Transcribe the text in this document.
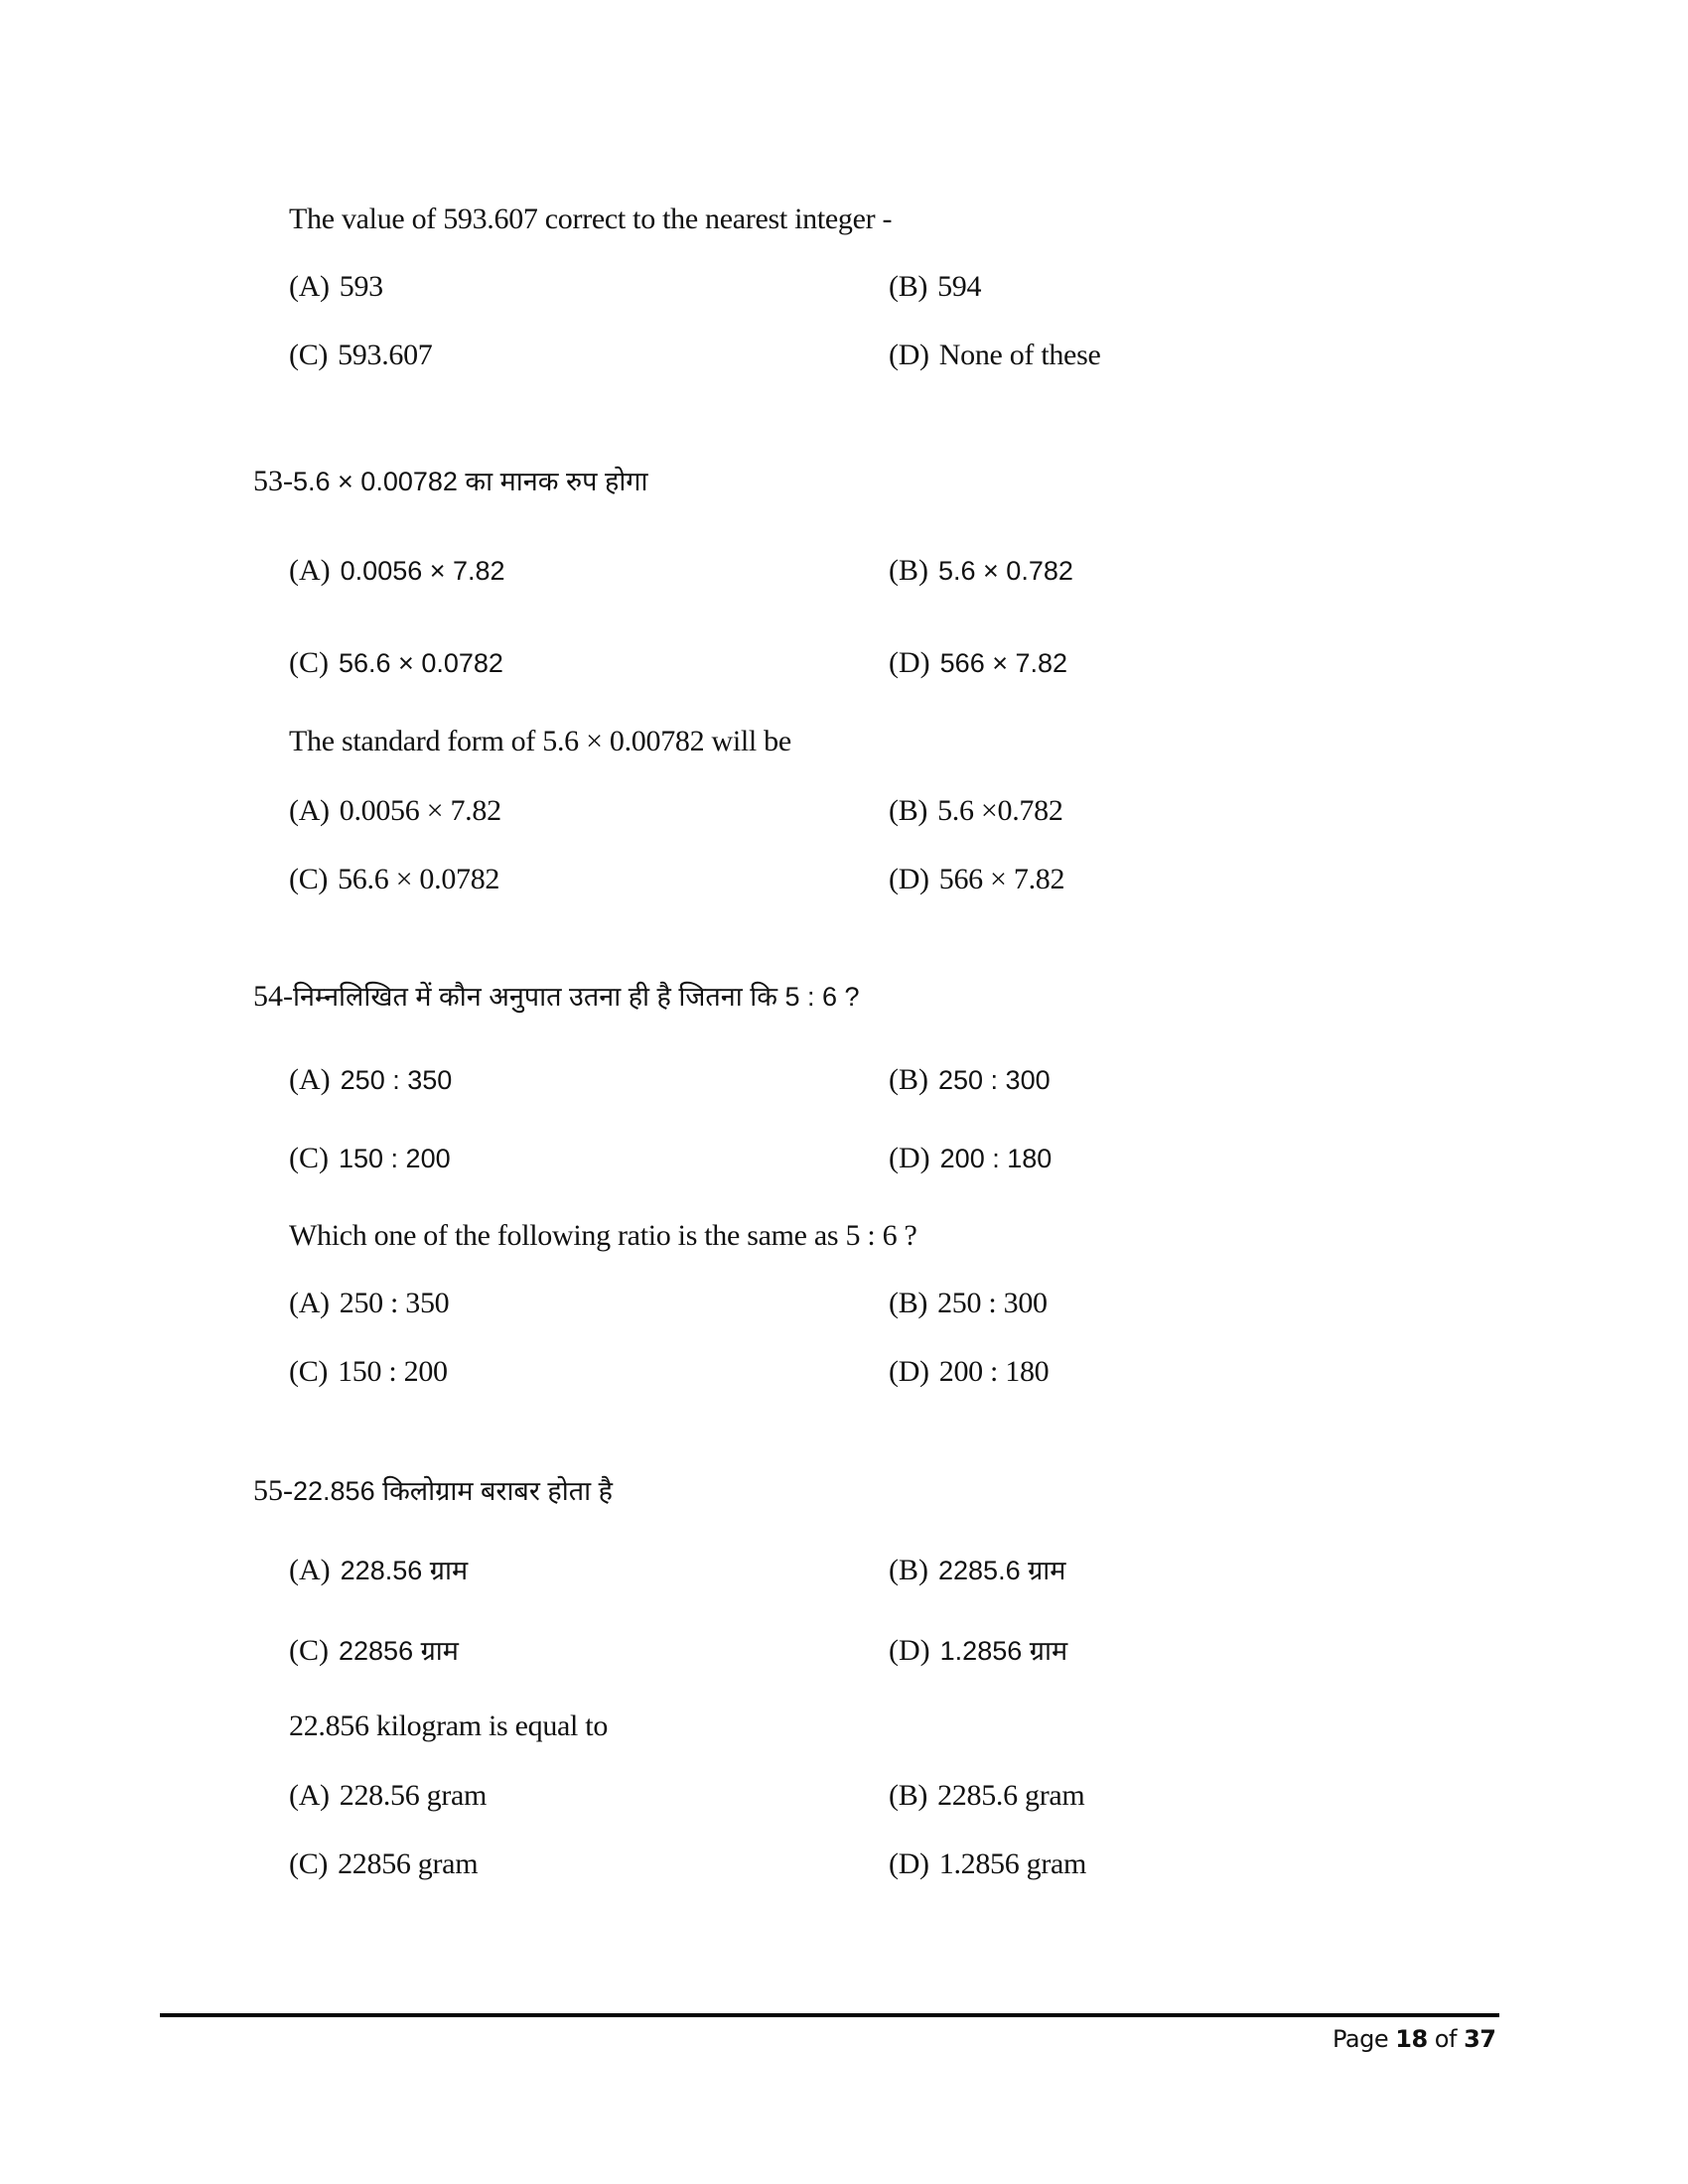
The value of 593.607 correct to the nearest integer -
(A) 593	(B) 594
(C) 593.607	(D) None of these
53-5.6 × 0.00782 का मानक रुप होगा
(A) 0.0056 × 7.82	(B) 5.6 × 0.782
(C) 56.6 × 0.0782	(D) 566 × 7.82
The standard form of 5.6 × 0.00782 will be
(A) 0.0056 × 7.82	(B) 5.6 ×0.782
(C) 56.6 × 0.0782	(D) 566 × 7.82
54-निम्नलिखित में कौन अनुपात उतना ही है जितना कि 5 : 6 ?
(A) 250 : 350	(B) 250 : 300
(C) 150 : 200	(D) 200 : 180
Which one of the following ratio is the same as 5 : 6 ?
(A) 250 : 350	(B) 250 : 300
(C) 150 : 200	(D) 200 : 180
55-22.856 किलोग्राम बराबर होता है
(A) 228.56 ग्राम	(B) 2285.6 ग्राम
(C) 22856 ग्राम	(D) 1.2856 ग्राम
22.856 kilogram is equal to
(A) 228.56 gram	(B) 2285.6 gram
(C) 22856 gram	(D) 1.2856 gram
Page 18 of 37
